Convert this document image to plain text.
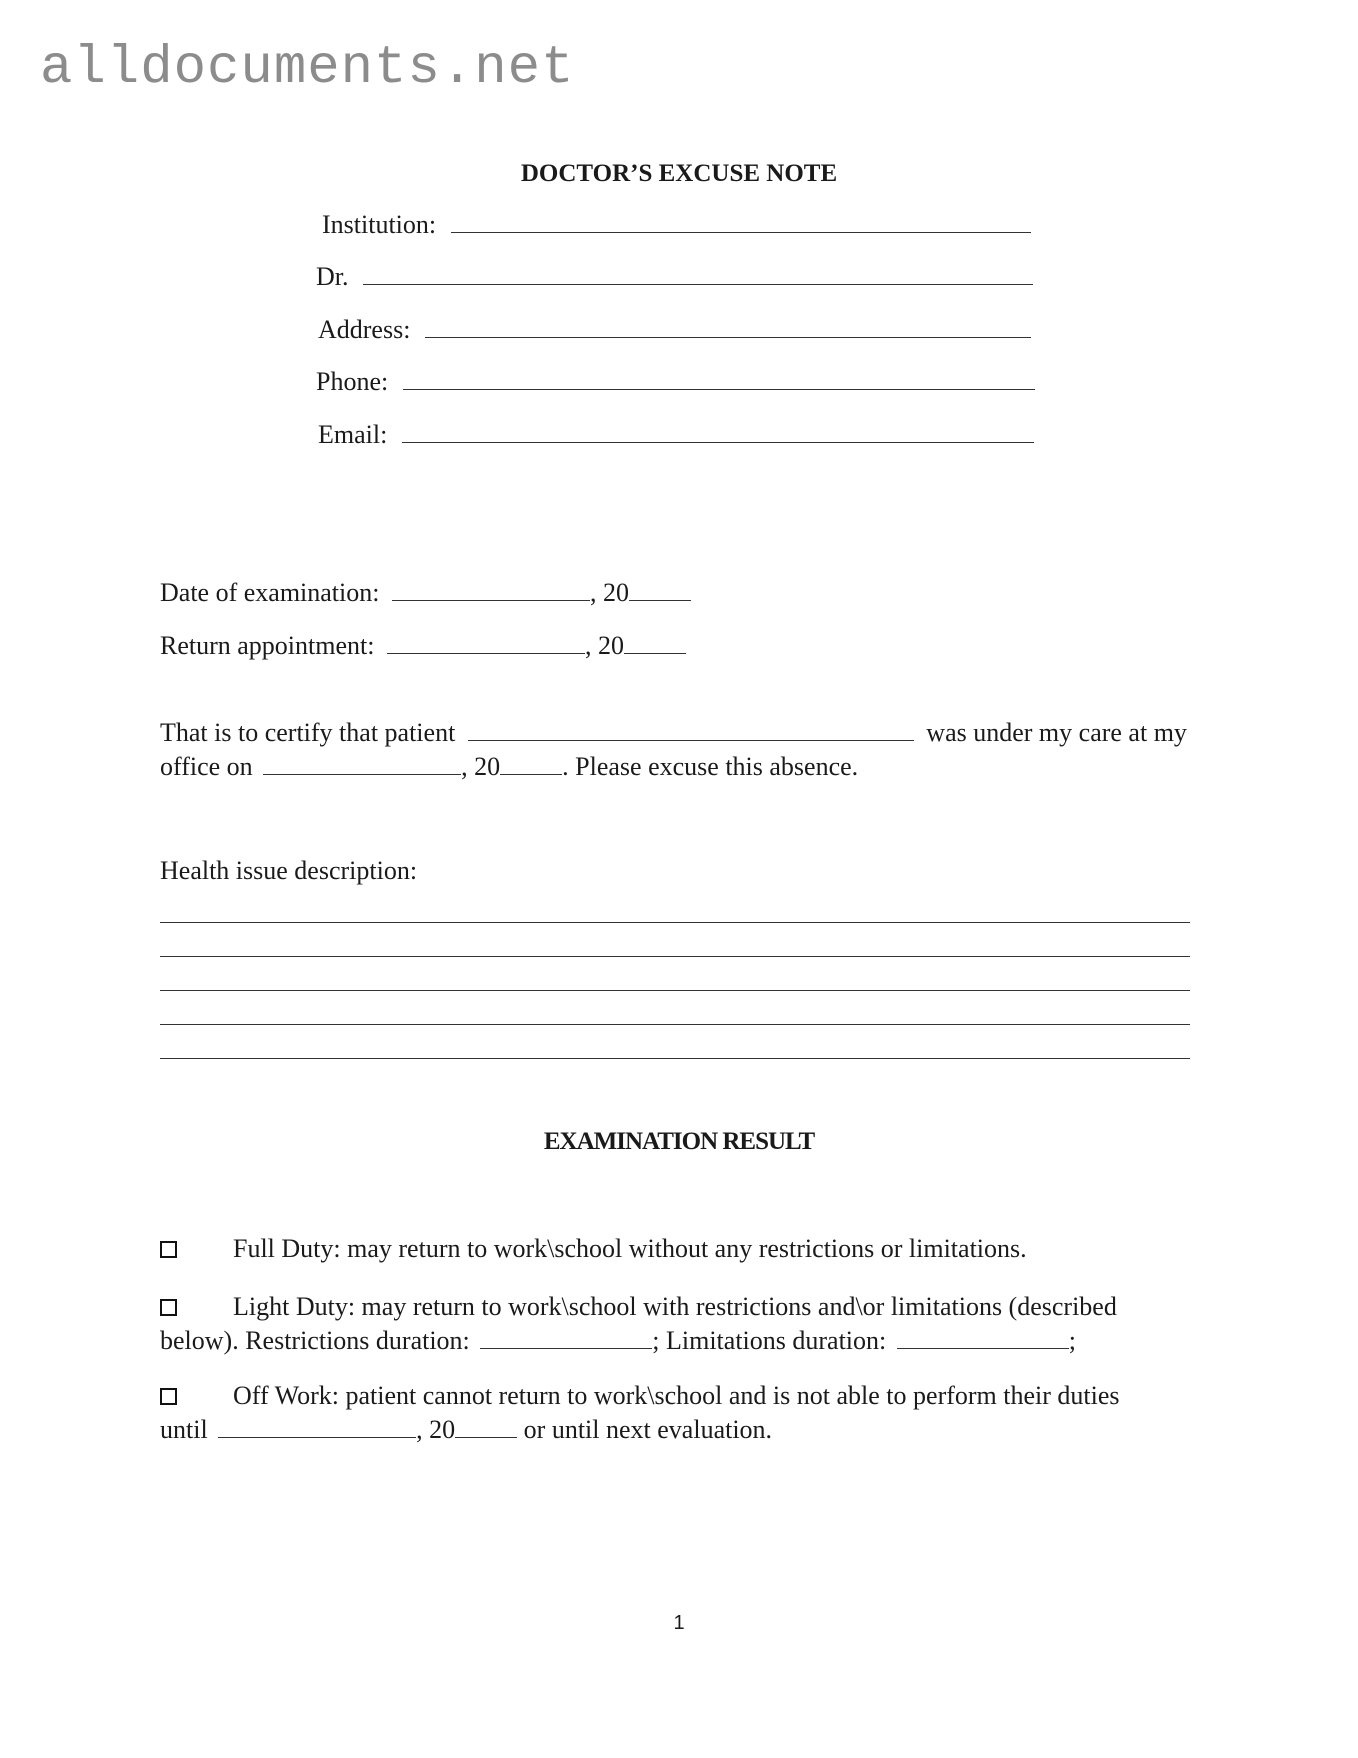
alldocuments.net
DOCTOR’S EXCUSE NOTE
Institution:
Dr.
Address:
Phone:
Email:
Date of examination:	, 20
Return appointment:	, 20
That is to certify that patient	was under my care at my
office on	, 20 . Please excuse this absence.
Health issue description:
EXAMINATION RESULT
Full Duty: may return to work\school without any restrictions or limitations.
Light Duty: may return to work\school with restrictions and\or limitations (described
below). Restrictions duration:	; Limitations duration:	;
Off Work: patient cannot return to work\school and is not able to perform their duties
until	, 20 or until next evaluation.
1
